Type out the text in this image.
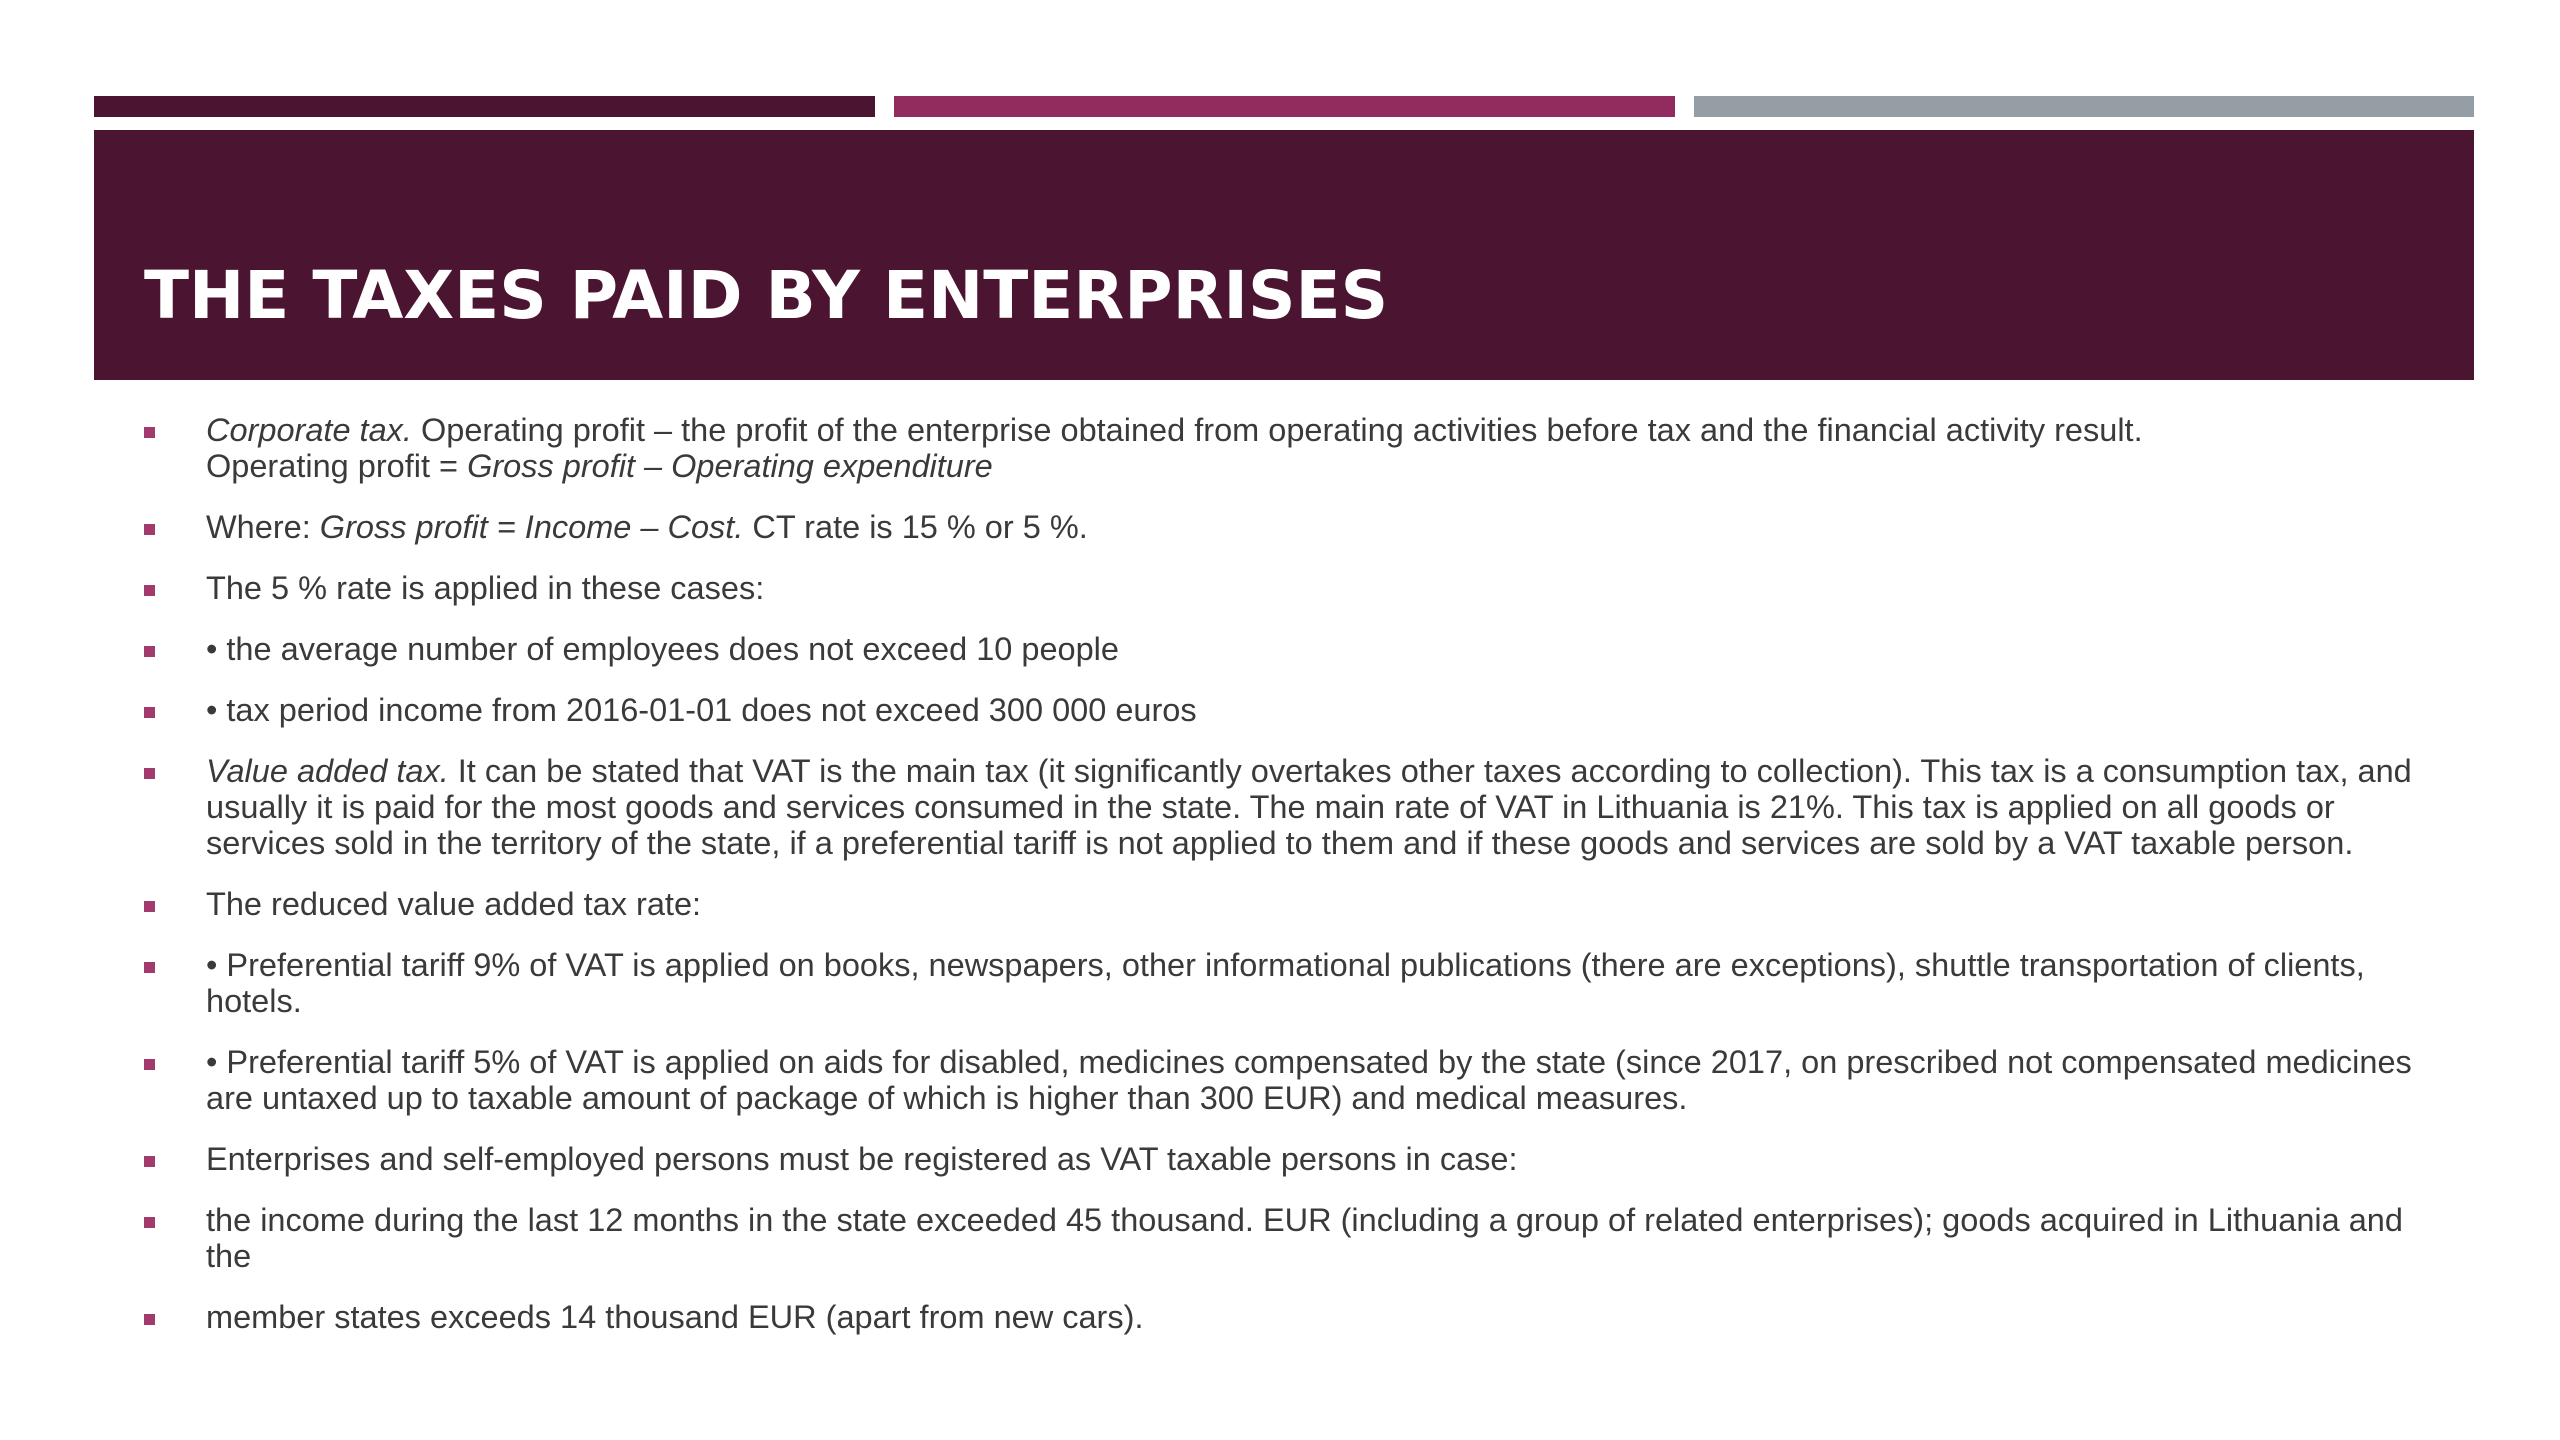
THE TAXES PAID BY ENTERPRISES
Corporate tax. Operating profit – the profit of the enterprise obtained from operating activities before tax and the financial activity result.
Operating profit = Gross profit – Operating expenditure
Where: Gross profit = Income – Cost. CT rate is 15 % or 5 %.
The 5 % rate is applied in these cases:
• the average number of employees does not exceed 10 people
• tax period income from 2016-01-01 does not exceed 300 000 euros
Value added tax. It can be stated that VAT is the main tax (it significantly overtakes other taxes according to collection). This tax is a consumption tax, and usually it is paid for the most goods and services consumed in the state. The main rate of VAT in Lithuania is 21%. This tax is applied on all goods or services sold in the territory of the state, if a preferential tariff is not applied to them and if these goods and services are sold by a VAT taxable person.
The reduced value added tax rate:
• Preferential tariff 9% of VAT is applied on books, newspapers, other informational publications (there are exceptions), shuttle transportation of clients, hotels.
• Preferential tariff 5% of VAT is applied on aids for disabled, medicines compensated by the state (since 2017, on prescribed not compensated medicines are untaxed up to taxable amount of package of which is higher than 300 EUR) and medical measures.
Enterprises and self-employed persons must be registered as VAT taxable persons in case:
the income during the last 12 months in the state exceeded 45 thousand. EUR (including a group of related enterprises); goods acquired in Lithuania and the
member states exceeds 14 thousand EUR (apart from new cars).
